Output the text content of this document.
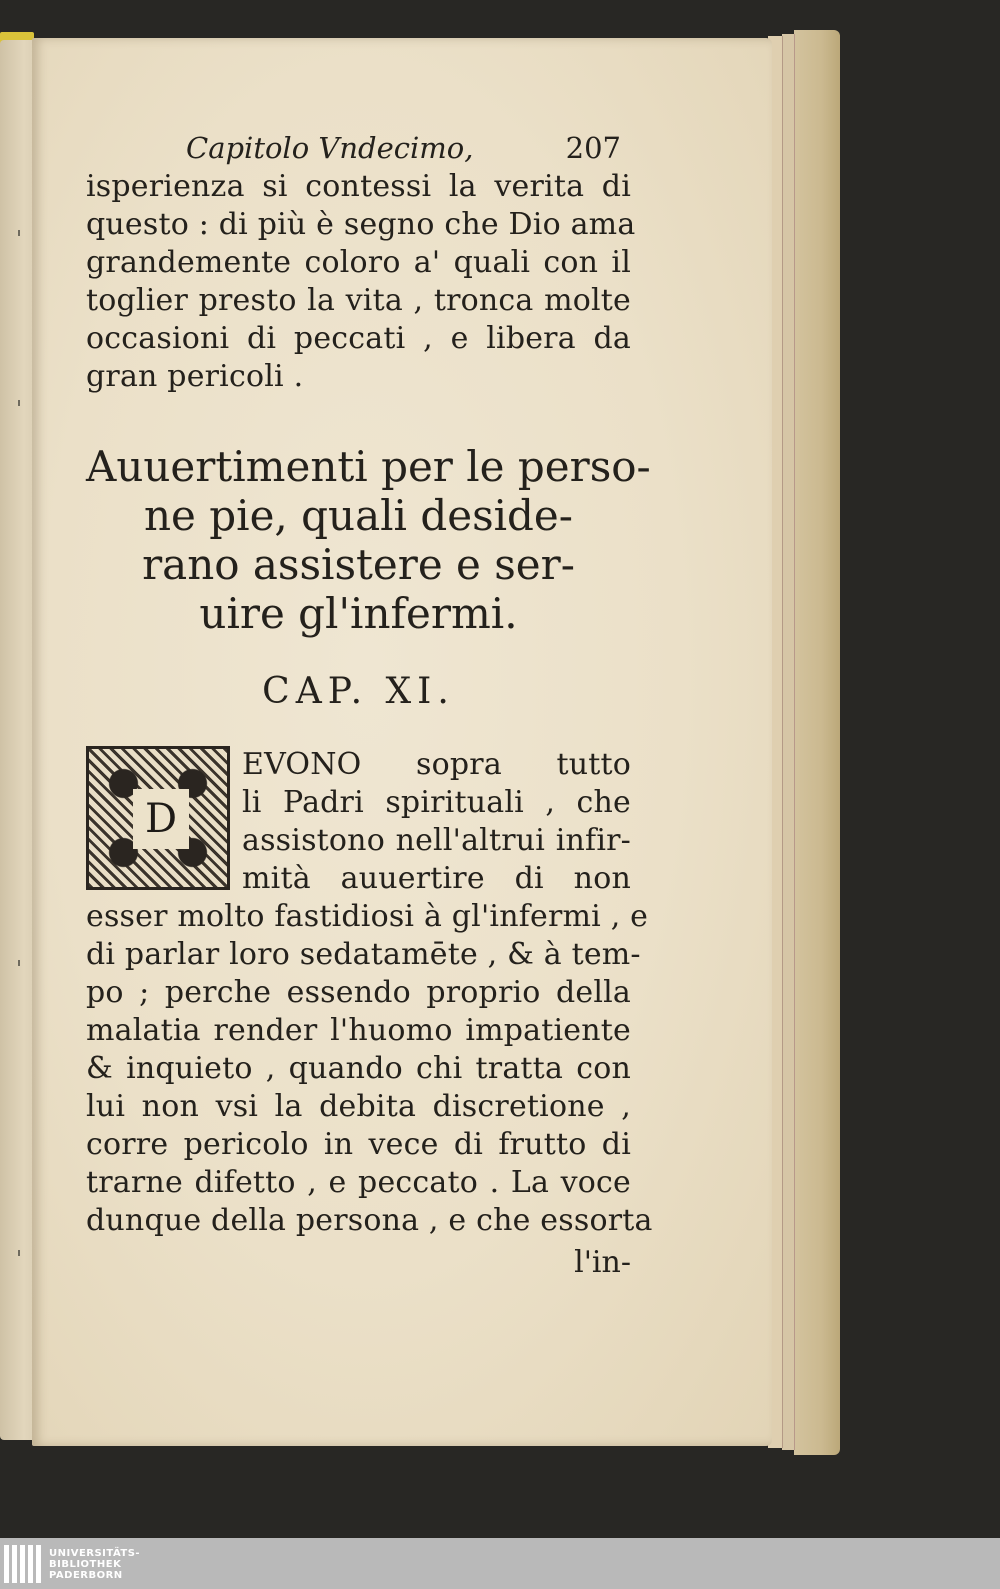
Capitolo Vndecimo,	207
isperienza si contessi la verita di
questo : di più è segno che Dio ama
grandemente coloro a' quali con il
toglier presto la vita , tronca molte
occasioni di peccati , e libera da
gran pericoli .
Auuertimenti per le perso-
ne pie, quali deside-
rano assistere e ser-
uire gl'infermi.
CAP. XI.
D
EVONO sopra tutto
li Padri spirituali , che
assistono nell'altrui infir-
mità auuertire di non
esser molto fastidiosi à gl'infermi , e
di parlar loro sedatamēte , & à tem-
po ; perche essendo proprio della
malatia render l'huomo impatiente
& inquieto , quando chi tratta con
lui non vsi la debita discretione ,
corre pericolo in vece di frutto di
trarne difetto , e peccato . La voce
dunque della persona , e che essorta
l'in-
UNIVERSITÄTS-
BIBLIOTHEK
PADERBORN
